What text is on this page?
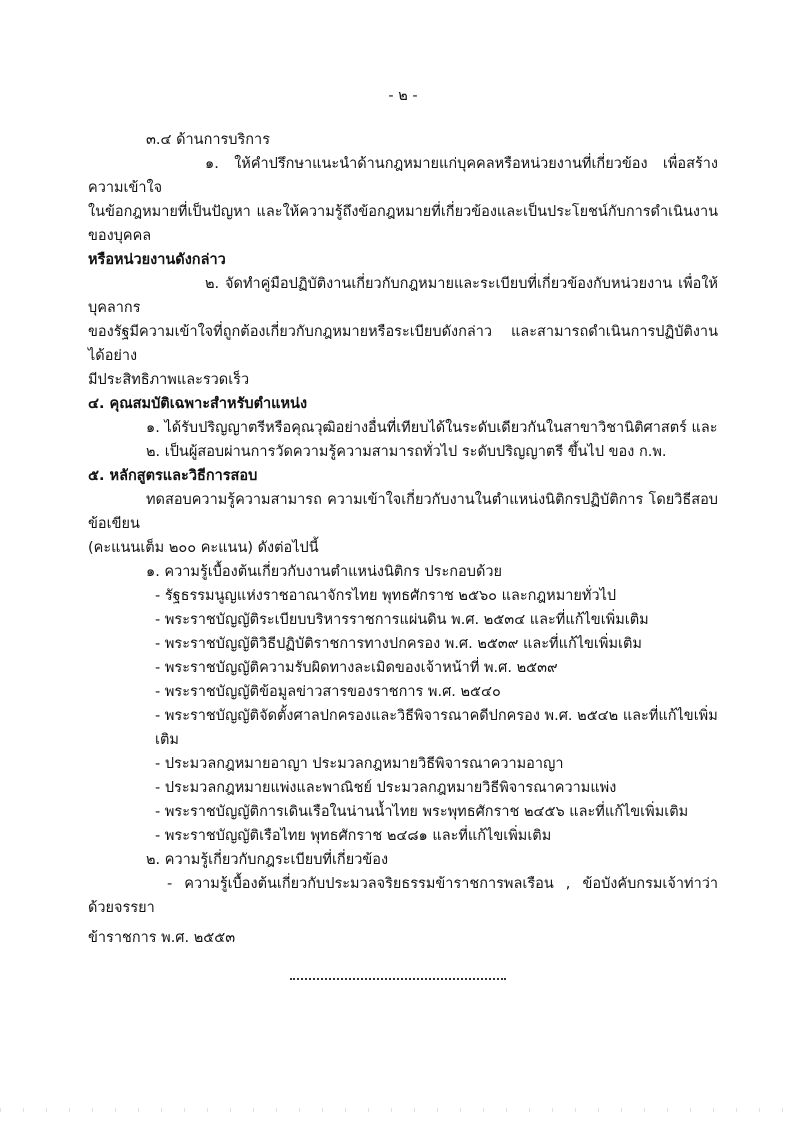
- ๒ -
๓.๔ ด้านการบริการ
๑. ให้คำปรึกษาแนะนำด้านกฎหมายแก่บุคคลหรือหน่วยงานที่เกี่ยวข้อง เพื่อสร้างความเข้าใจ
ในข้อกฎหมายที่เป็นปัญหา และให้ความรู้ถึงข้อกฎหมายที่เกี่ยวข้องและเป็นประโยชน์กับการดำเนินงานของบุคคล
หรือหน่วยงานดังกล่าว
๒. จัดทำคู่มือปฏิบัติงานเกี่ยวกับกฎหมายและระเบียบที่เกี่ยวข้องกับหน่วยงาน เพื่อให้บุคลากร
ของรัฐมีความเข้าใจที่ถูกต้องเกี่ยวกับกฎหมายหรือระเบียบดังกล่าว และสามารถดำเนินการปฏิบัติงานได้อย่าง
มีประสิทธิภาพและรวดเร็ว
๔. คุณสมบัติเฉพาะสำหรับตำแหน่ง
๑. ได้รับปริญญาตรีหรือคุณวุฒิอย่างอื่นที่เทียบได้ในระดับเดียวกันในสาขาวิชานิติศาสตร์ และ
๒. เป็นผู้สอบผ่านการวัดความรู้ความสามารถทั่วไป ระดับปริญญาตรี ขึ้นไป ของ ก.พ.
๕. หลักสูตรและวิธีการสอบ
ทดสอบความรู้ความสามารถ ความเข้าใจเกี่ยวกับงานในตำแหน่งนิติกรปฏิบัติการ โดยวิธีสอบข้อเขียน
(คะแนนเต็ม ๒๐๐ คะแนน) ดังต่อไปนี้
๑. ความรู้เบื้องต้นเกี่ยวกับงานตำแหน่งนิติกร ประกอบด้วย
- รัฐธรรมนูญแห่งราชอาณาจักรไทย พุทธศักราช ๒๕๖๐ และกฎหมายทั่วไป
- พระราชบัญญัติระเบียบบริหารราชการแผ่นดิน พ.ศ. ๒๕๓๔ และที่แก้ไขเพิ่มเติม
- พระราชบัญญัติวิธีปฏิบัติราชการทางปกครอง พ.ศ. ๒๕๓๙ และที่แก้ไขเพิ่มเติม
- พระราชบัญญัติความรับผิดทางละเมิดของเจ้าหน้าที่ พ.ศ. ๒๕๓๙
- พระราชบัญญัติข้อมูลข่าวสารของราชการ พ.ศ. ๒๕๔๐
- พระราชบัญญัติจัดตั้งศาลปกครองและวิธีพิจารณาคดีปกครอง พ.ศ. ๒๕๔๒ และที่แก้ไขเพิ่มเติม
- ประมวลกฎหมายอาญา ประมวลกฎหมายวิธีพิจารณาความอาญา
- ประมวลกฎหมายแพ่งและพาณิชย์ ประมวลกฎหมายวิธีพิจารณาความแพ่ง
- พระราชบัญญัติการเดินเรือในน่านน้ำไทย พระพุทธศักราช ๒๔๕๖ และที่แก้ไขเพิ่มเติม
- พระราชบัญญัติเรือไทย พุทธศักราช ๒๔๘๑ และที่แก้ไขเพิ่มเติม
๒. ความรู้เกี่ยวกับกฎระเบียบที่เกี่ยวข้อง
- ความรู้เบื้องต้นเกี่ยวกับประมวลจริยธรรมข้าราชการพลเรือน , ข้อบังคับกรมเจ้าท่าว่าด้วยจรรยา
ข้าราชการ พ.ศ. ๒๕๕๓
